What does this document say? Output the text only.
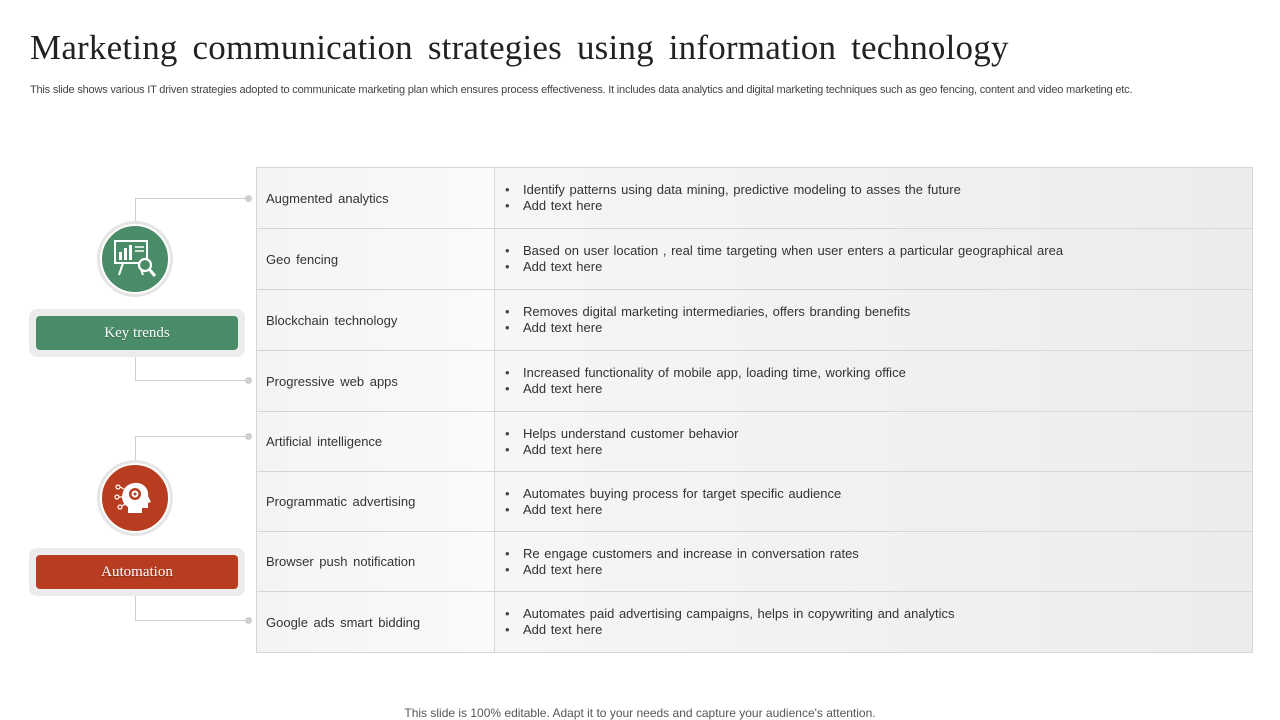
Marketing communication strategies using information technology

This slide shows various IT driven strategies adopted to communicate marketing plan which ensures process effectiveness. It includes data analytics and digital marketing techniques such as geo fencing, content and video marketing etc.

Key trends
Automation
Augmented analytics
• Identify patterns using data mining, predictive modeling to asses the future
• Add text here
Geo fencing
• Based on user location , real time targeting when user enters a particular geographical area
• Add text here
Blockchain technology
• Removes digital marketing intermediaries, offers branding benefits
• Add text here
Progressive web apps
• Increased functionality of mobile app, loading time, working office
• Add text here
Artificial intelligence
• Helps understand customer behavior
• Add text here
Programmatic advertising
• Automates buying process for target specific audience
• Add text here
Browser push notification
• Re engage customers and increase in conversation rates
• Add text here
Google ads smart bidding
• Automates paid advertising campaigns, helps in copywriting and analytics
• Add text here
This slide is 100% editable. Adapt it to your needs and capture your audience's attention.
